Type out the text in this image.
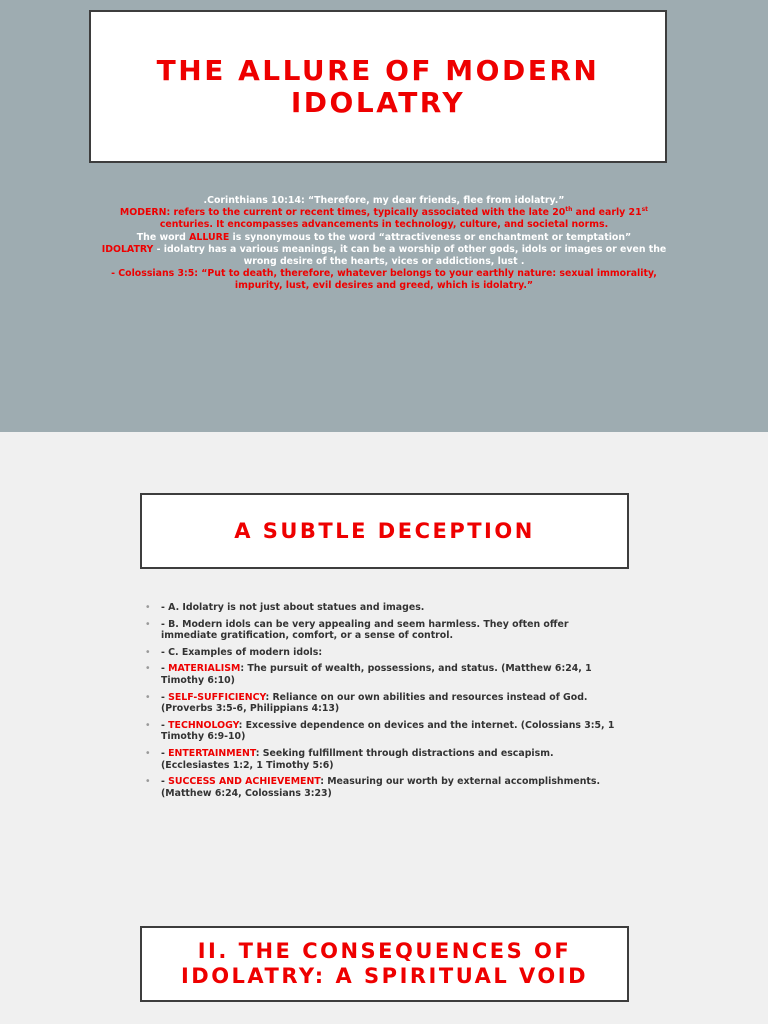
THE ALLURE OF MODERN
IDOLATRY
.Corinthians 10:14: “Therefore, my dear friends, flee from idolatry.”
MODERN: refers to the current or recent times, typically associated with the late 20th and early 21st centuries. It encompasses advancements in technology, culture, and societal norms.
The word ALLURE is synonymous to the word “attractiveness or enchantment or temptation”
IDOLATRY - idolatry has a various meanings, it can be a worship of other gods, idols or images or even the wrong desire of the hearts, vices or addictions, lust .
- Colossians 3:5: “Put to death, therefore, whatever belongs to your earthly nature: sexual immorality, impurity, lust, evil desires and greed, which is idolatry.”
A SUBTLE DECEPTION
• - A. Idolatry is not just about statues and images.
• - B. Modern idols can be very appealing and seem harmless. They often offer immediate gratification, comfort, or a sense of control.
• - C. Examples of modern idols:
• - MATERIALISM: The pursuit of wealth, possessions, and status. (Matthew 6:24, 1 Timothy 6:10)
• - SELF-SUFFICIENCY: Reliance on our own abilities and resources instead of God. (Proverbs 3:5-6, Philippians 4:13)
• - TECHNOLOGY: Excessive dependence on devices and the internet. (Colossians 3:5, 1 Timothy 6:9-10)
• - ENTERTAINMENT: Seeking fulfillment through distractions and escapism. (Ecclesiastes 1:2, 1 Timothy 5:6)
• - SUCCESS AND ACHIEVEMENT: Measuring our worth by external accomplishments. (Matthew 6:24, Colossians 3:23)
II. THE CONSEQUENCES OF
IDOLATRY: A SPIRITUAL VOID
